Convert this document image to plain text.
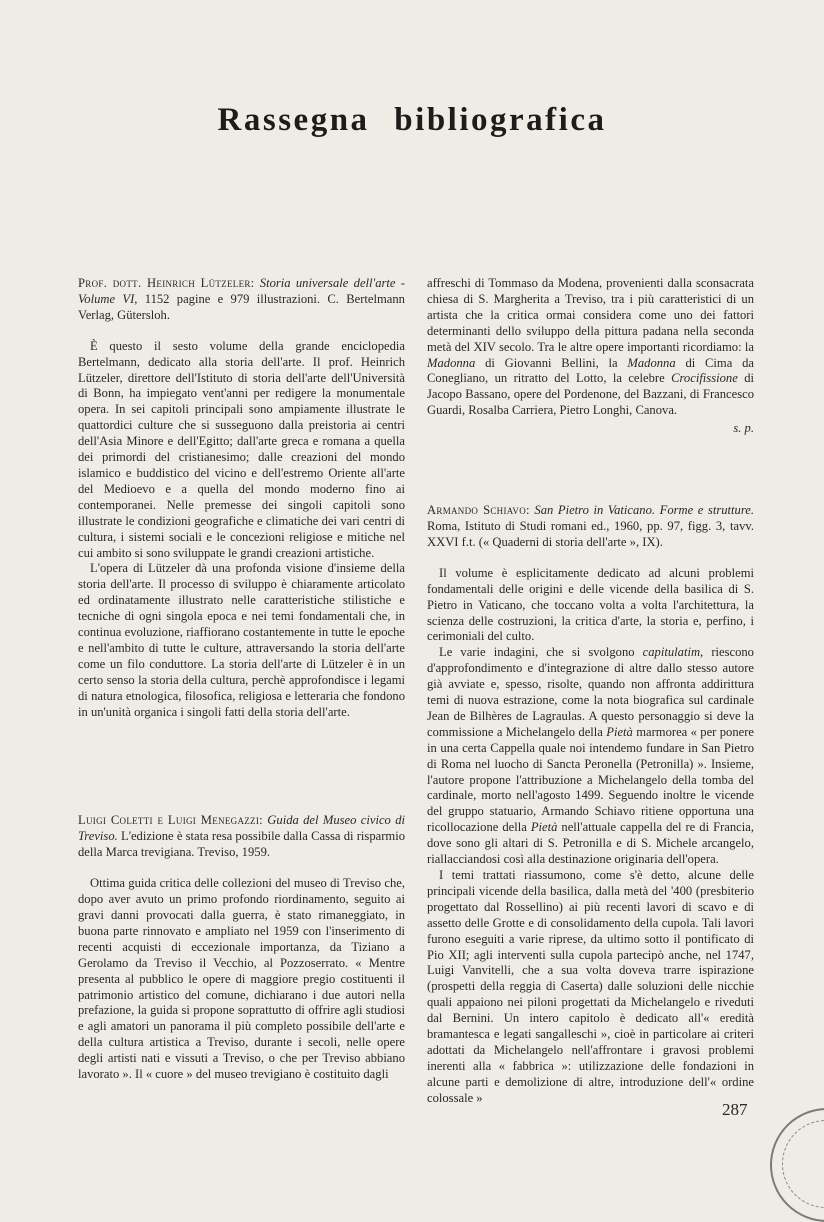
Rassegna bibliografica
Prof. dott. Heinrich Lützeler: Storia universale dell'arte - Volume VI, 1152 pagine e 979 illustrazioni. C. Bertelmann Verlag, Gütersloh.

È questo il sesto volume della grande enciclopedia Bertelmann, dedicato alla storia dell'arte. Il prof. Heinrich Lützeler, direttore dell'Istituto di storia dell'arte dell'Università di Bonn, ha impiegato vent'anni per redigere la monumentale opera. In sei capitoli principali sono ampiamente illustrate le quattordici culture che si susseguono dalla preistoria ai centri dell'Asia Minore e dell'Egitto; dall'arte greca e romana a quella dei primordi del cristianesimo; dalle creazioni del mondo islamico e buddistico del vicino e dell'estremo Oriente all'arte del Medioevo e a quella del mondo moderno fino ai contemporanei. Nelle premesse dei singoli capitoli sono illustrate le condizioni geografiche e climatiche dei vari centri di cultura, i sistemi sociali e le concezioni religiose e mitiche nel cui ambito si sono sviluppate le grandi creazioni artistiche.

L'opera di Lützeler dà una profonda visione d'insieme della storia dell'arte. Il processo di sviluppo è chiaramente articolato ed ordinatamente illustrato nelle caratteristiche stilistiche e tecniche di ogni singola epoca e nei temi fondamentali che, in continua evoluzione, riaffiorano costantemente in tutte le epoche e nell'ambito di tutte le culture, attraversando la storia dell'arte come un filo conduttore. La storia dell'arte di Lützeler è in un certo senso la storia della cultura, perchè approfondisce i legami di natura etnologica, filosofica, religiosa e letteraria che fondono in un'unità organica i singoli fatti della storia dell'arte.

Luigi Coletti e Luigi Menegazzi: Guida del Museo civico di Treviso. L'edizione è stata resa possibile dalla Cassa di risparmio della Marca trevigiana. Treviso, 1959.

Ottima guida critica delle collezioni del museo di Treviso che, dopo aver avuto un primo profondo riordinamento, seguito ai gravi danni provocati dalla guerra, è stato rimaneggiato, in buona parte rinnovato e ampliato nel 1959 con l'inserimento di recenti acquisti di eccezionale importanza, da Tiziano a Gerolamo da Treviso il Vecchio, al Pozzoserrato. « Mentre presenta al pubblico le opere di maggiore pregio costituenti il patrimonio artistico del comune, dichiarano i due autori nella prefazione, la guida si propone soprattutto di offrire agli studiosi e agli amatori un panorama il più completo possibile dell'arte e della cultura artistica a Treviso, durante i secoli, nelle opere degli artisti nati e vissuti a Treviso, o che per Treviso abbiano lavorato ». Il « cuore » del museo trevigiano è costituito dagli

affreschi di Tommaso da Modena, provenienti dalla sconsacrata chiesa di S. Margherita a Treviso, tra i più caratteristici di un artista che la critica ormai considera come uno dei fattori determinanti dello sviluppo della pittura padana nella seconda metà del XIV secolo. Tra le altre opere importanti ricordiamo: la Madonna di Giovanni Bellini, la Madonna di Cima da Conegliano, un ritratto del Lotto, la celebre Crocifissione di Jacopo Bassano, opere del Pordenone, del Bazzani, di Francesco Guardi, Rosalba Carriera, Pietro Longhi, Canova.

s. p.
Armando Schiavo: San Pietro in Vaticano. Forme e strutture. Roma, Istituto di Studi romani ed., 1960, pp. 97, figg. 3, tavv. XXVI f.t. (« Quaderni di storia dell'arte », IX).

Il volume è esplicitamente dedicato ad alcuni problemi fondamentali delle origini e delle vicende della basilica di S. Pietro in Vaticano, che toccano volta a volta l'architettura, la scienza delle costruzioni, la critica d'arte, la storia e, perfino, i cerimoniali del culto.

Le varie indagini, che si svolgono capitulatim, riescono d'approfondimento e d'integrazione di altre dallo stesso autore già avviate e, spesso, risolte, quando non affronta addirittura temi di nuova estrazione, come la nota biografica sul cardinale Jean de Bilhères de Lagraulas. A questo personaggio si deve la commissione a Michelangelo della Pietà marmorea « per ponere in una certa Cappella quale noi intendemo fundare in San Pietro di Roma nel luocho di Sancta Peronella (Petronilla) ». Insieme, l'autore propone l'attribuzione a Michelangelo della tomba del cardinale, morto nell'agosto 1499. Seguendo inoltre le vicende del gruppo statuario, Armando Schiavo ritiene opportuna una ricollocazione della Pietà nell'attuale cappella del re di Francia, dove sono gli altari di S. Petronilla e di S. Michele arcangelo, riallacciandosi così alla destinazione originaria dell'opera.

I temi trattati riassumono, come s'è detto, alcune delle principali vicende della basilica, dalla metà del '400 (presbiterio progettato dal Rossellino) ai più recenti lavori di scavo e di assetto delle Grotte e di consolidamento della cupola. Tali lavori furono eseguiti a varie riprese, da ultimo sotto il pontificato di Pio XII; agli interventi sulla cupola partecipò anche, nel 1747, Luigi Vanvitelli, che a sua volta doveva trarre ispirazione (prospetti della reggia di Caserta) dalle soluzioni delle nicchie quali appaiono nei piloni progettati da Michelangelo e riveduti dal Bernini. Un intero capitolo è dedicato all'« eredità bramantesca e legati sangalleschi », cioè in particolare ai criteri adottati da Michelangelo nell'affrontare i gravosi problemi inerenti alla « fabbrica »: utilizzazione delle fondazioni in alcune parti e demolizione di altre, introduzione dell'« ordine colossale »

287
